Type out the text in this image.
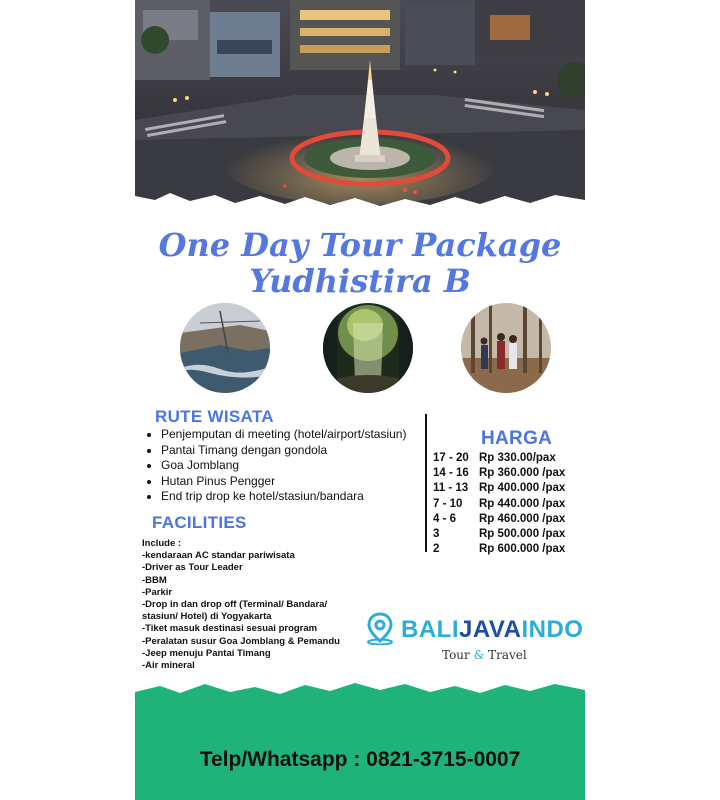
One Day Tour Package
Yudhistira B
RUTE WISATA
• Penjemputan di meeting (hotel/airport/stasiun)
• Pantai Timang dengan gondola
• Goa Jomblang
• Hutan Pinus Pengger
• End trip drop ke hotel/stasiun/bandara
FACILITIES
Include :
-kendaraan AC standar pariwisata
-Driver as Tour Leader
-BBM
-Parkir
-Drop in dan drop off (Terminal/ Bandara/
stasiun/ Hotel) di Yogyakarta
-Tiket masuk destinasi sesuai program
-Peralatan susur Goa Jomblang & Pemandu
-Jeep menuju Pantai Timang
-Air mineral
HARGA
17 - 20 Rp 330.00/pax
14 - 16 Rp 360.000 /pax
11 - 13 Rp 400.000 /pax
7 - 10	Rp 440.000 /pax
4 - 6	Rp 460.000 /pax
3	Rp 500.000 /pax
2	Rp 600.000 /pax
BALIJAVAINDO
Tour & Travel
Telp/Whatsapp : 0821-3715-0007
